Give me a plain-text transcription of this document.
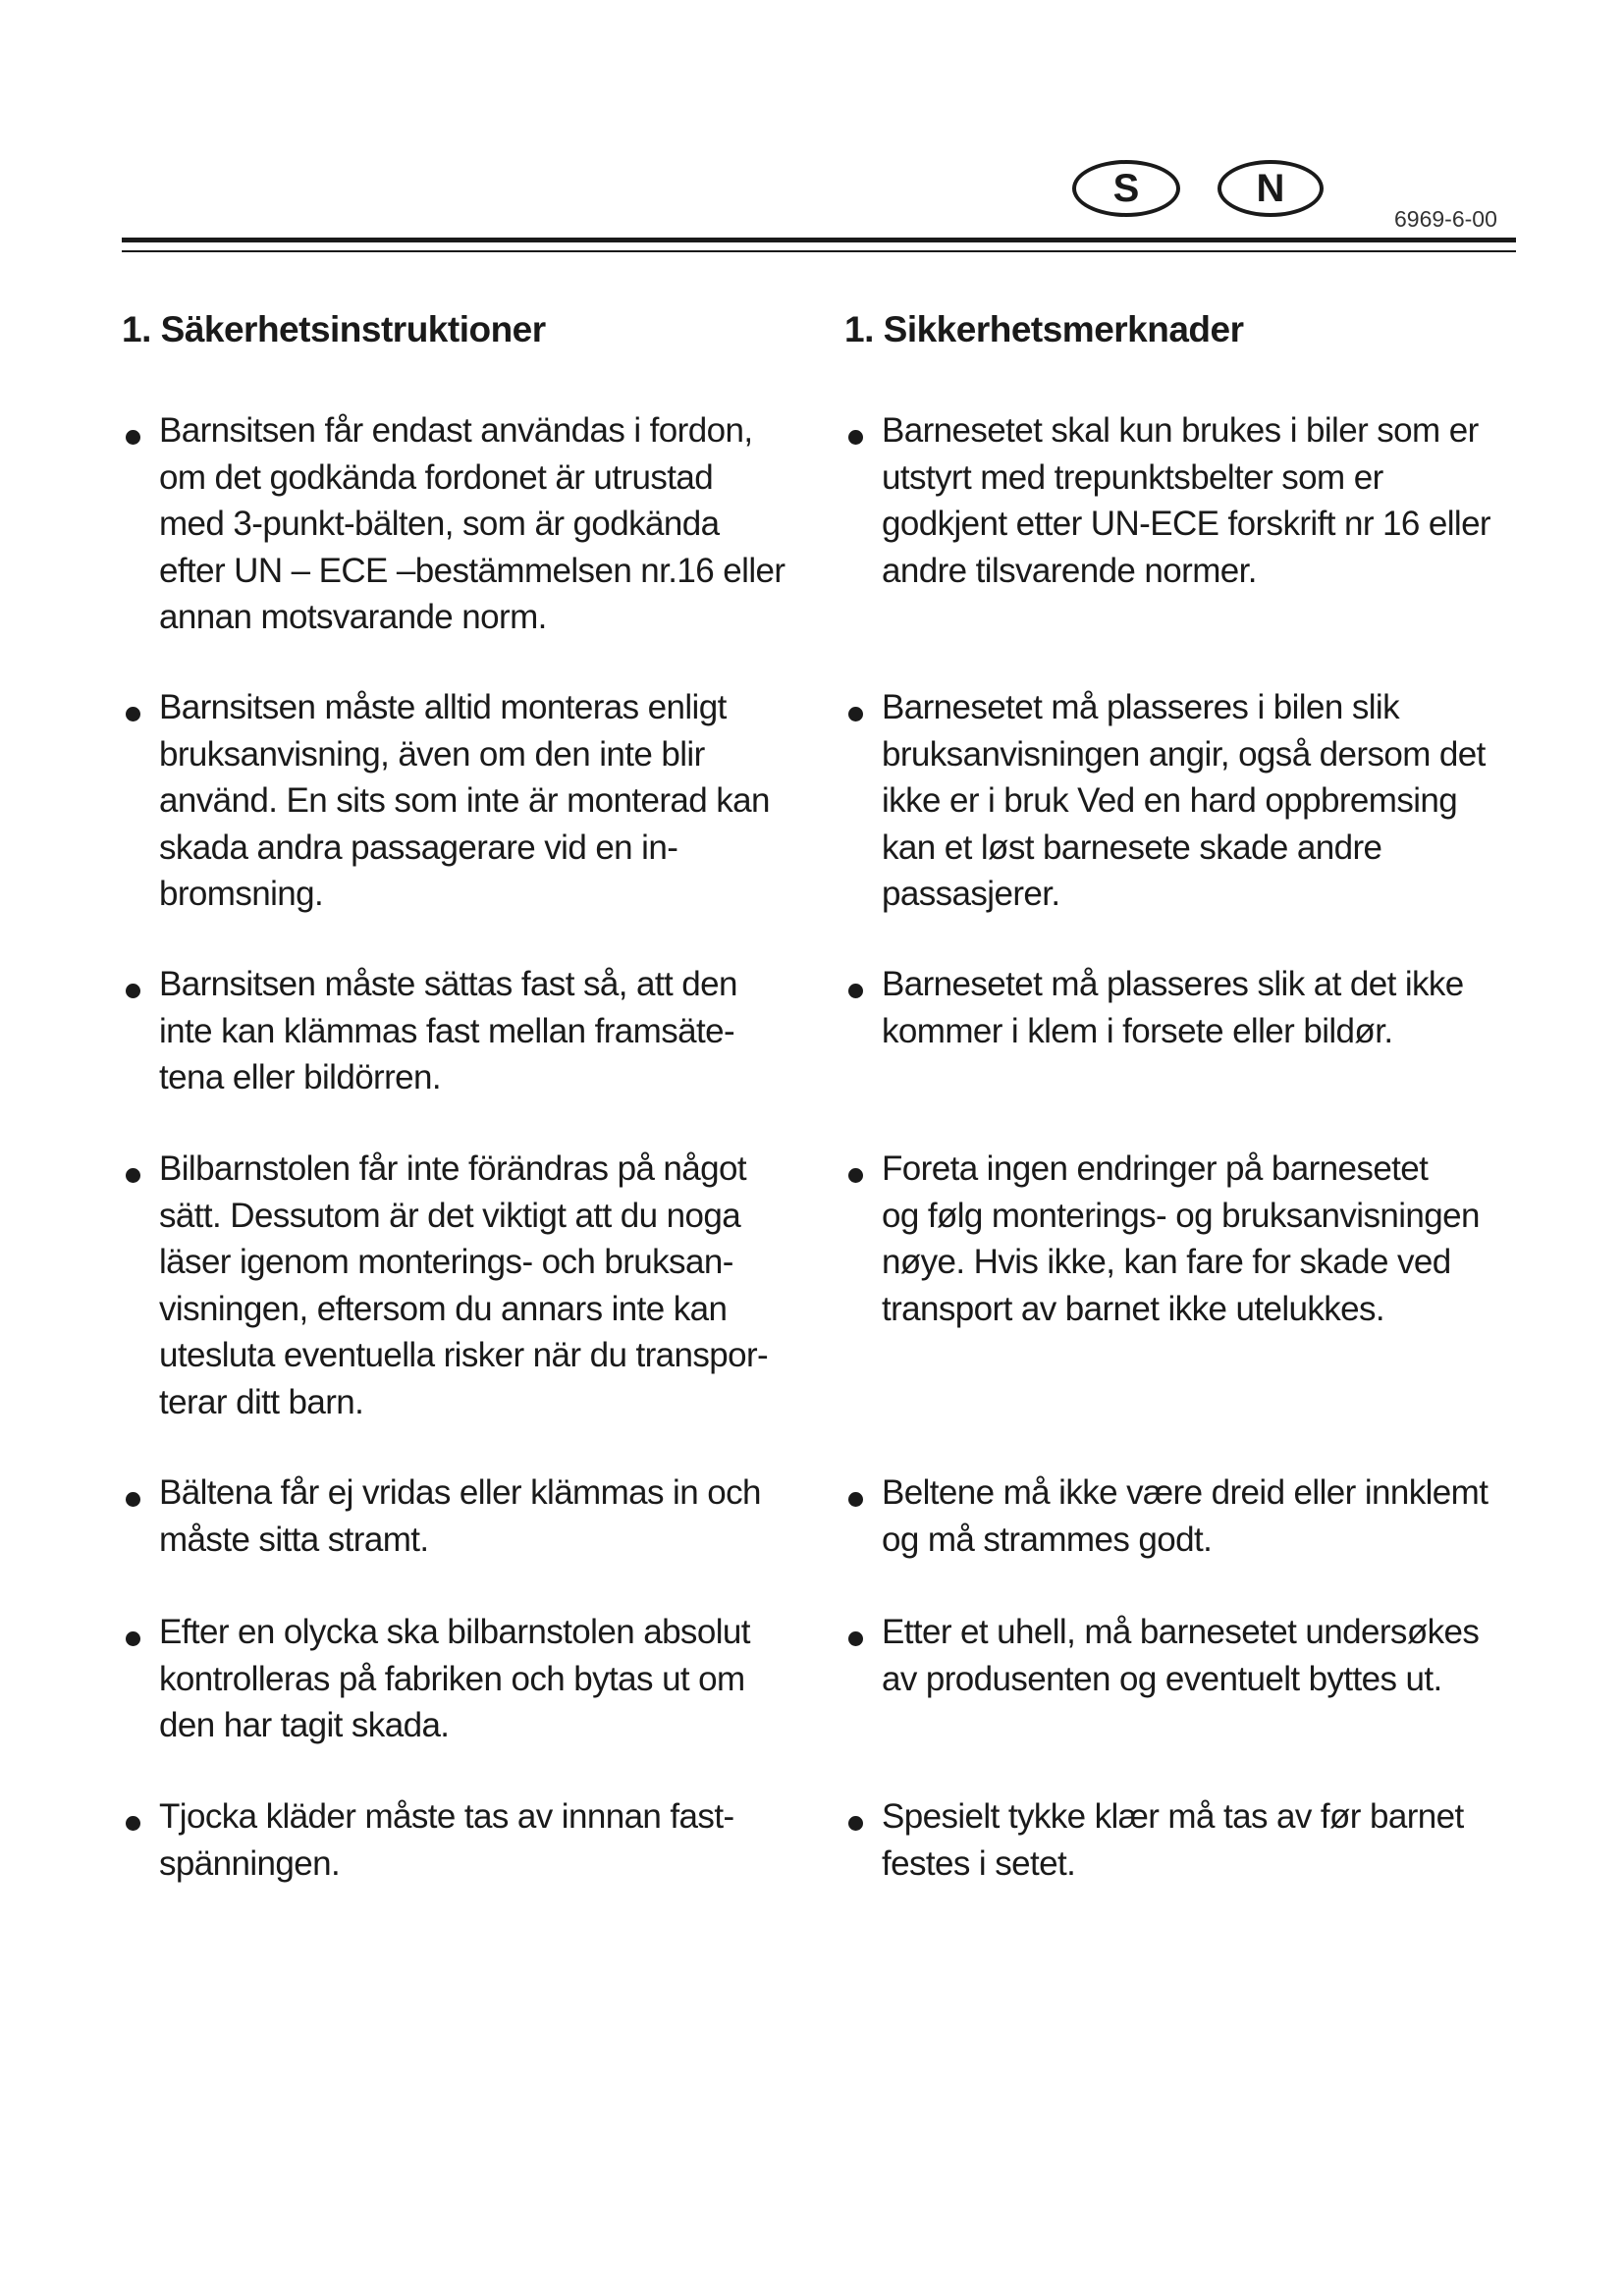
S	N
6969-6-00
1. Säkerhetsinstruktioner

Barnsitsen får endast användas i fordon,
om det godkända fordonet är utrustad
med 3-punkt-bälten, som är godkända
efter UN – ECE –bestämmelsen nr.16 eller
annan motsvarande norm.

Barnsitsen måste alltid monteras enligt
bruksanvisning, även om den inte blir
använd. En sits som inte är monterad kan
skada andra passagerare vid en in-
bromsning.

Barnsitsen måste sättas fast så, att den
inte kan klämmas fast mellan framsäte-
tena eller bildörren.

Bilbarnstolen får inte förändras på något
sätt. Dessutom är det viktigt att du noga
läser igenom monterings- och bruksan-
visningen, eftersom du annars inte kan
utesluta eventuella risker när du transpor-
terar ditt barn.

Bältena får ej vridas eller klämmas in och
måste sitta stramt.

Efter en olycka ska bilbarnstolen absolut
kontrolleras på fabriken och bytas ut om
den har tagit skada.

Tjocka kläder måste tas av innnan fast-
spänningen.

1. Sikkerhetsmerknader

Barnesetet skal kun brukes i biler som er
utstyrt med trepunktsbelter som er
godkjent etter UN-ECE forskrift nr 16 eller
andre tilsvarende normer.

Barnesetet må plasseres i bilen slik
bruksanvisningen angir, også dersom det
ikke er i bruk Ved en hard oppbremsing
kan et løst barnesete skade andre
passasjerer.

Barnesetet må plasseres slik at det ikke
kommer i klem i forsete eller bildør.

Foreta ingen endringer på barnesetet
og følg monterings- og bruksanvisningen
nøye. Hvis ikke, kan fare for skade ved
transport av barnet ikke utelukkes.

Beltene må ikke være dreid eller innklemt
og må strammes godt.

Etter et uhell, må barnesetet undersøkes
av produsenten og eventuelt byttes ut.

Spesielt tykke klær må tas av før barnet
festes i setet.
